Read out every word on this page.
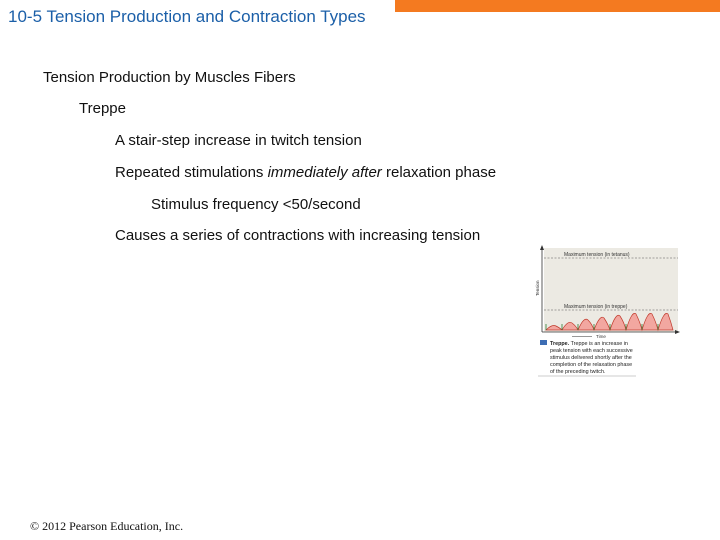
10-5 Tension Production and Contraction Types

Tension Production by Muscles Fibers

Treppe

A stair-step increase in twitch tension

Repeated stimulations immediately after relaxation phase

Stimulus frequency <50/second

Causes a series of contractions with increasing tension

Maximum tension (in tetanus)
Maximum tension (in treppe)
Tension
Time
Treppe. Treppe is an increase in
peak tension with each successive
stimulus delivered shortly after the
completion of the relaxation phase
of the preceding twitch.

© 2012 Pearson Education, Inc.
